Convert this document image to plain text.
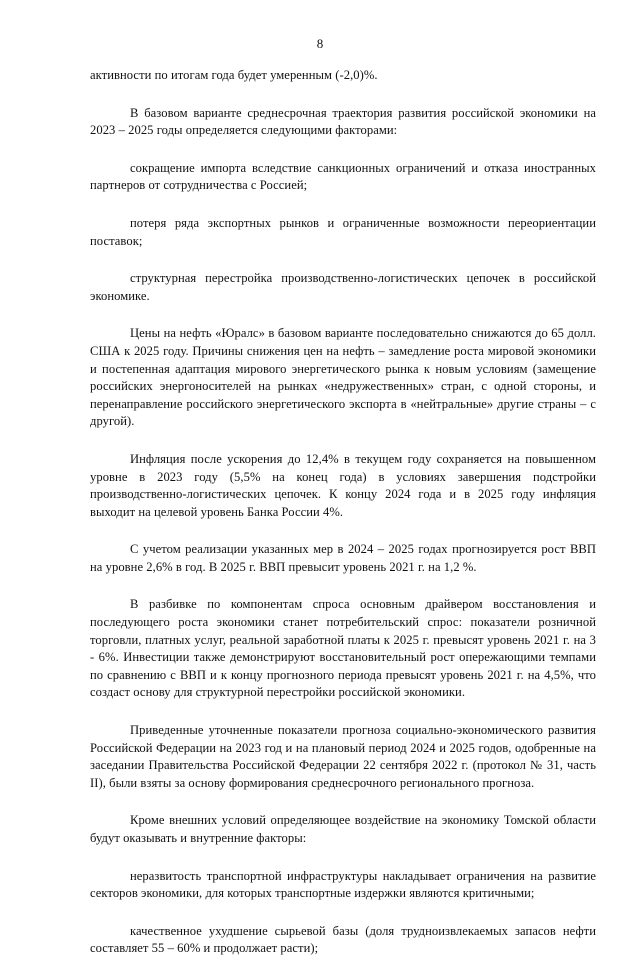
8

активности по итогам года будет умеренным (-2,0)%.

В базовом варианте среднесрочная траектория развития российской экономики на 2023 – 2025 годы определяется следующими факторами:

сокращение импорта вследствие санкционных ограничений и отказа иностранных партнеров от сотрудничества с Россией;

потеря ряда экспортных рынков и ограниченные возможности переориентации поставок;

структурная перестройка производственно-логистических цепочек в российской экономике.

Цены на нефть «Юралс» в базовом варианте последовательно снижаются до 65 долл. США к 2025 году. Причины снижения цен на нефть – замедление роста мировой экономики и постепенная адаптация мирового энергетического рынка к новым условиям (замещение российских энергоносителей на рынках «недружественных» стран, с одной стороны, и перенаправление российского энергетического экспорта в «нейтральные» другие страны – с другой).

Инфляция после ускорения до 12,4% в текущем году сохраняется на повышенном уровне в 2023 году (5,5% на конец года) в условиях завершения подстройки производственно-логистических цепочек. К концу 2024 года и в 2025 году инфляция выходит на целевой уровень Банка России 4%.

С учетом реализации указанных мер в 2024 – 2025 годах прогнозируется рост ВВП на уровне 2,6% в год. В 2025 г. ВВП превысит уровень 2021 г. на 1,2 %.

В разбивке по компонентам спроса основным драйвером восстановления и последующего роста экономики станет потребительский спрос: показатели розничной торговли, платных услуг, реальной заработной платы к 2025 г. превысят уровень 2021 г. на 3 - 6%. Инвестиции также демонстрируют восстановительный рост опережающими темпами по сравнению с ВВП и к концу прогнозного периода превысят уровень 2021 г. на 4,5%, что создаст основу для структурной перестройки российской экономики.

Приведенные уточненные показатели прогноза социально-экономического развития Российской Федерации на 2023 год и на плановый период 2024 и 2025 годов, одобренные на заседании Правительства Российской Федерации 22 сентября 2022 г. (протокол № 31, часть II), были взяты за основу формирования среднесрочного регионального прогноза.

Кроме внешних условий определяющее воздействие на экономику Томской области будут оказывать и внутренние факторы:

неразвитость транспортной инфраструктуры накладывает ограничения на развитие секторов экономики, для которых транспортные издержки являются критичными;

качественное ухудшение сырьевой базы (доля трудноизвлекаемых запасов нефти составляет 55 – 60% и продолжает расти);
